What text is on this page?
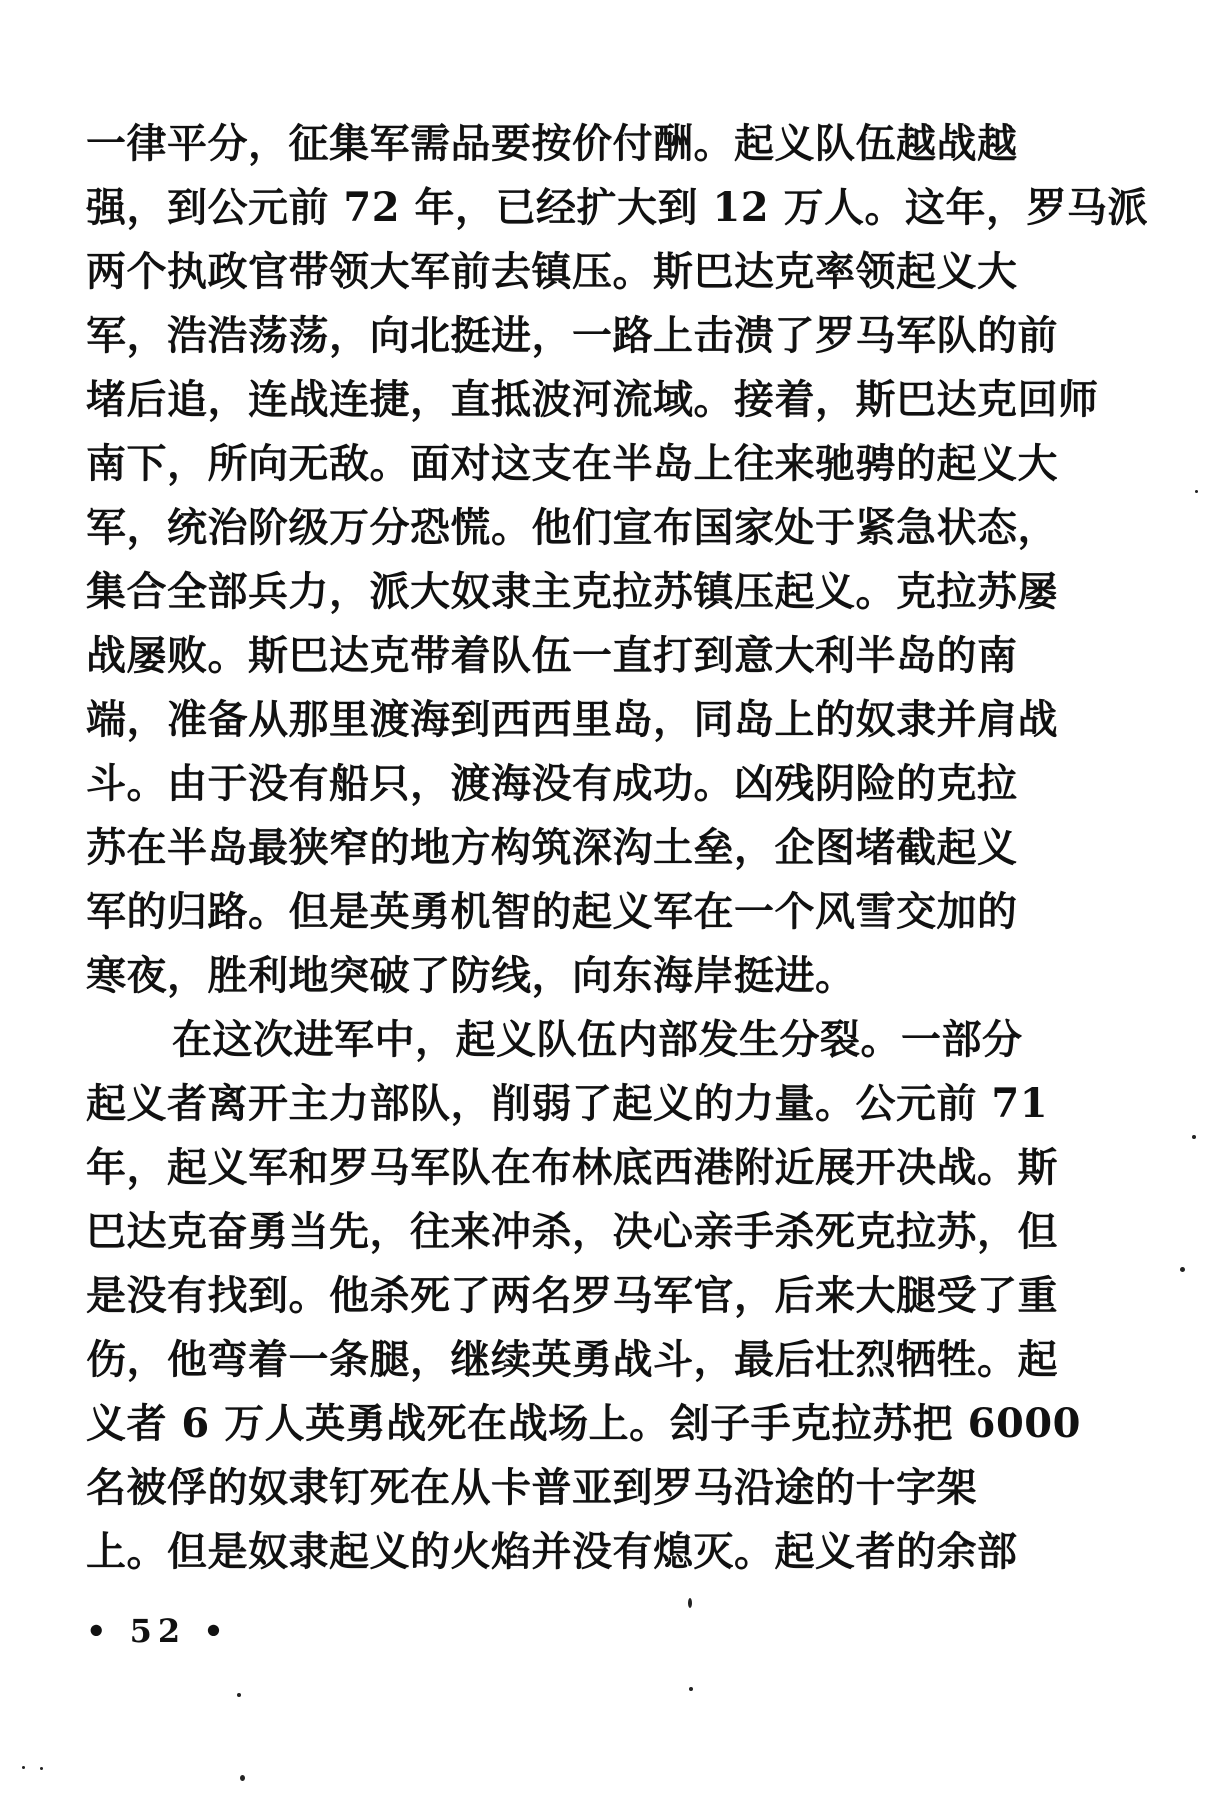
一律平分，征集军需品要按价付酬。起义队伍越战越
强，到公元前 72 年，已经扩大到 12 万人。这年，罗马派
两个执政官带领大军前去镇压。斯巴达克率领起义大
军，浩浩荡荡，向北挺进，一路上击溃了罗马军队的前
堵后追，连战连捷，直抵波河流域。接着，斯巴达克回师
南下，所向无敌。面对这支在半岛上往来驰骋的起义大
军，统治阶级万分恐慌。他们宣布国家处于紧急状态，
集合全部兵力，派大奴隶主克拉苏镇压起义。克拉苏屡
战屡败。斯巴达克带着队伍一直打到意大利半岛的南
端，准备从那里渡海到西西里岛，同岛上的奴隶并肩战
斗。由于没有船只，渡海没有成功。凶残阴险的克拉
苏在半岛最狭窄的地方构筑深沟土垒，企图堵截起义
军的归路。但是英勇机智的起义军在一个风雪交加的
寒夜，胜利地突破了防线，向东海岸挺进。
在这次进军中，起义队伍内部发生分裂。一部分
起义者离开主力部队，削弱了起义的力量。公元前 71
年，起义军和罗马军队在布林底西港附近展开决战。斯
巴达克奋勇当先，往来冲杀，决心亲手杀死克拉苏，但
是没有找到。他杀死了两名罗马军官，后来大腿受了重
伤，他弯着一条腿，继续英勇战斗，最后壮烈牺牲。起
义者 6 万人英勇战死在战场上。刽子手克拉苏把 6000
名被俘的奴隶钉死在从卡普亚到罗马沿途的十字架
上。但是奴隶起义的火焰并没有熄灭。起义者的余部
• 52 •
